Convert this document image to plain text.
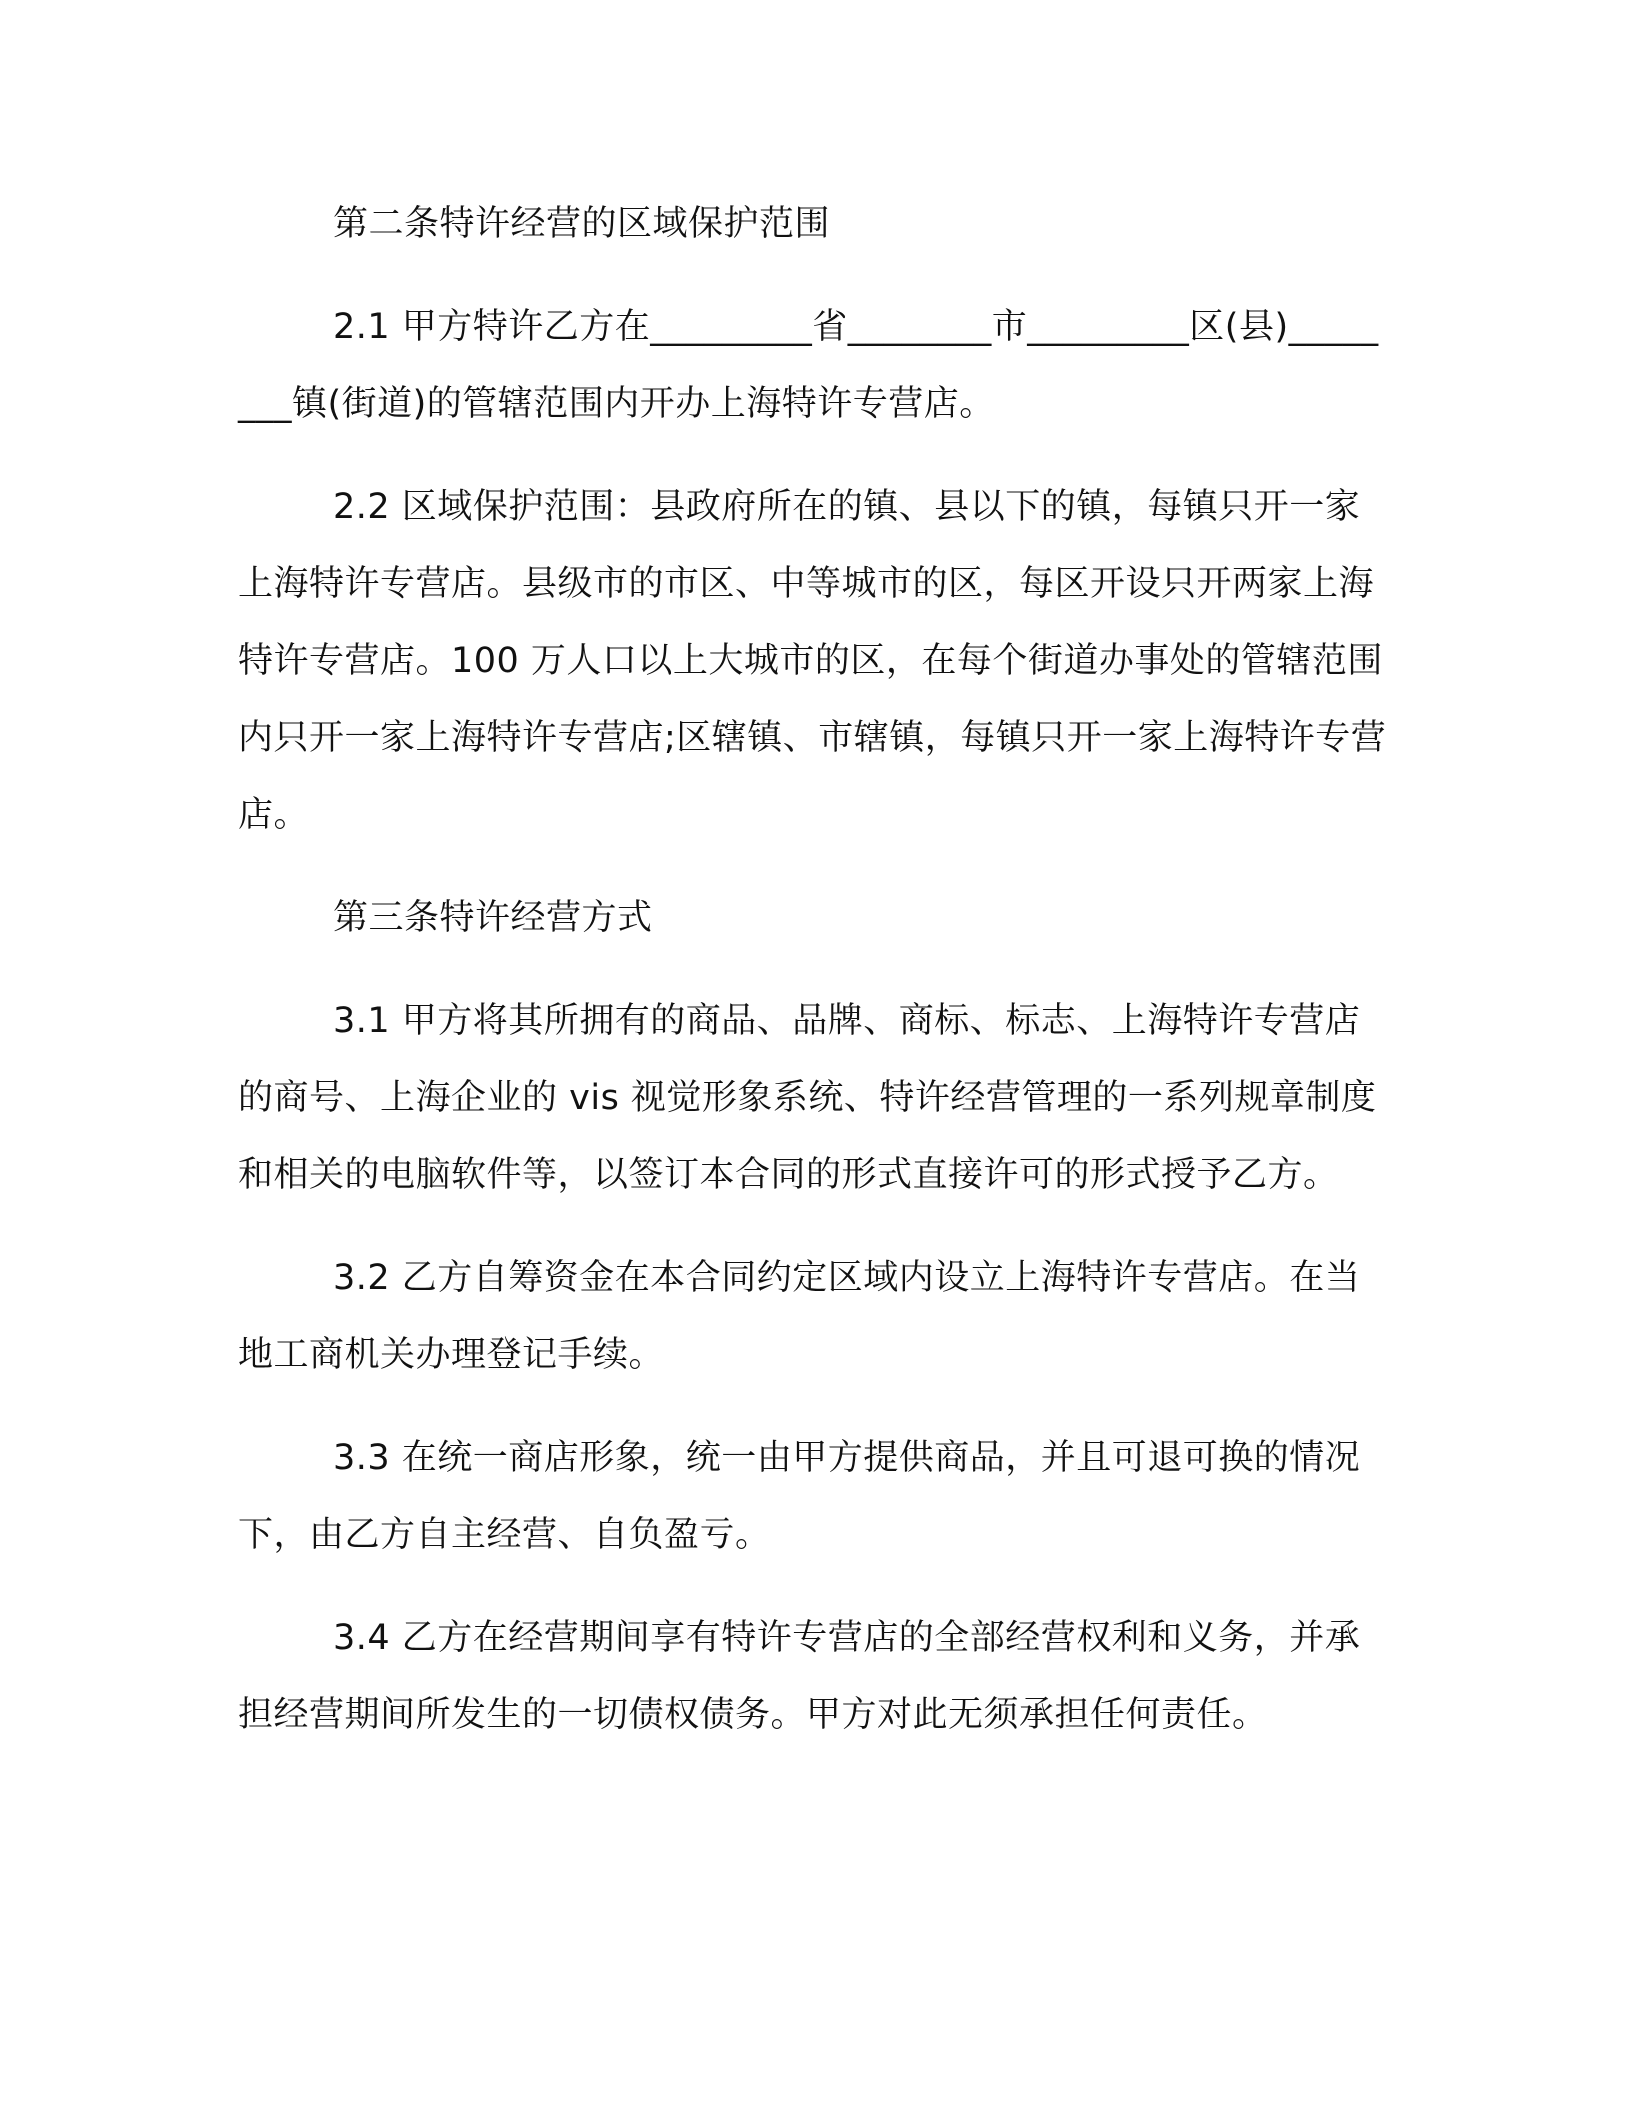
第二条特许经营的区域保护范围

2.1 甲方特许乙方在_________省________市_________区(县)________镇(街道)的管辖范围内开办上海特许专营店。

2.2 区域保护范围：县政府所在的镇、县以下的镇，每镇只开一家上海特许专营店。县级市的市区、中等城市的区，每区开设只开两家上海特许专营店。100 万人口以上大城市的区，在每个街道办事处的管辖范围内只开一家上海特许专营店;区辖镇、市辖镇，每镇只开一家上海特许专营店。

第三条特许经营方式

3.1 甲方将其所拥有的商品、品牌、商标、标志、上海特许专营店的商号、上海企业的 vis 视觉形象系统、特许经营管理的一系列规章制度和相关的电脑软件等，以签订本合同的形式直接许可的形式授予乙方。

3.2 乙方自筹资金在本合同约定区域内设立上海特许专营店。在当地工商机关办理登记手续。

3.3 在统一商店形象，统一由甲方提供商品，并且可退可换的情况下，由乙方自主经营、自负盈亏。

3.4 乙方在经营期间享有特许专营店的全部经营权利和义务，并承担经营期间所发生的一切债权债务。甲方对此无须承担任何责任。
